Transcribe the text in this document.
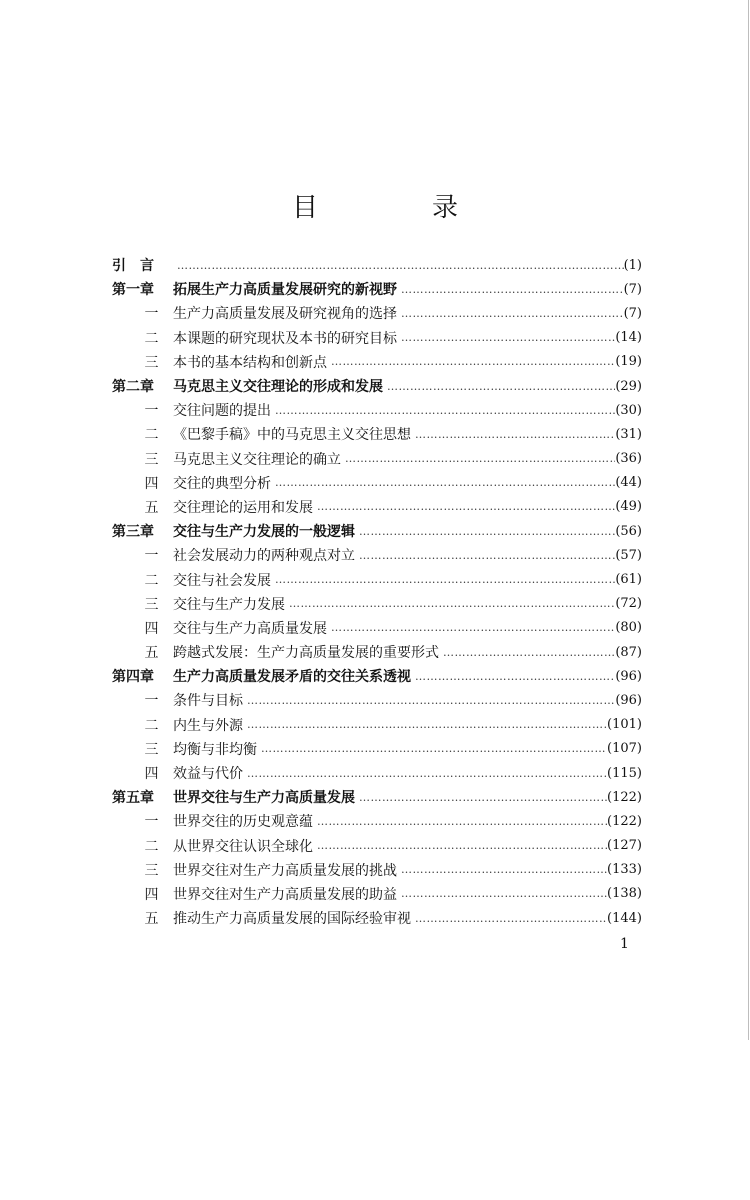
目　录
引　言 ……………………………………………………………………………………………………………………………………………………………	(1)
第一章	拓展生产力高质量发展研究的新视野 ……………………………………………………………………………………………………………………………………………………………	(7)
一	生产力高质量发展及研究视角的选择 ……………………………………………………………………………………………………………………………………………………………	(7)
二	本课题的研究现状及本书的研究目标 ……………………………………………………………………………………………………………………………………………………………	(14)
三	本书的基本结构和创新点 ……………………………………………………………………………………………………………………………………………………………	(19)
第二章	马克思主义交往理论的形成和发展 ……………………………………………………………………………………………………………………………………………………………	(29)
一	交往问题的提出 ……………………………………………………………………………………………………………………………………………………………	(30)
二	《巴黎手稿》中的马克思主义交往思想 ……………………………………………………………………………………………………………………………………………………………	(31)
三	马克思主义交往理论的确立 ……………………………………………………………………………………………………………………………………………………………	(36)
四	交往的典型分析 ……………………………………………………………………………………………………………………………………………………………	(44)
五	交往理论的运用和发展 ……………………………………………………………………………………………………………………………………………………………	(49)
第三章	交往与生产力发展的一般逻辑 ……………………………………………………………………………………………………………………………………………………………	(56)
一	社会发展动力的两种观点对立 ……………………………………………………………………………………………………………………………………………………………	(57)
二	交往与社会发展 ……………………………………………………………………………………………………………………………………………………………	(61)
三	交往与生产力发展 ……………………………………………………………………………………………………………………………………………………………	(72)
四	交往与生产力高质量发展 ……………………………………………………………………………………………………………………………………………………………	(80)
五	跨越式发展：生产力高质量发展的重要形式 ……………………………………………………………………………………………………………………………………………………………	(87)
第四章	生产力高质量发展矛盾的交往关系透视 ……………………………………………………………………………………………………………………………………………………………	(96)
一	条件与目标 ……………………………………………………………………………………………………………………………………………………………	(96)
二	内生与外源 ……………………………………………………………………………………………………………………………………………………………	(101)
三	均衡与非均衡 ……………………………………………………………………………………………………………………………………………………………	(107)
四	效益与代价 ……………………………………………………………………………………………………………………………………………………………	(115)
第五章	世界交往与生产力高质量发展 ……………………………………………………………………………………………………………………………………………………………	(122)
一	世界交往的历史观意蕴 ……………………………………………………………………………………………………………………………………………………………	(122)
二	从世界交往认识全球化 ……………………………………………………………………………………………………………………………………………………………	(127)
三	世界交往对生产力高质量发展的挑战 ……………………………………………………………………………………………………………………………………………………………	(133)
四	世界交往对生产力高质量发展的助益 ……………………………………………………………………………………………………………………………………………………………	(138)
五	推动生产力高质量发展的国际经验审视 ……………………………………………………………………………………………………………………………………………………………	(144)
1
